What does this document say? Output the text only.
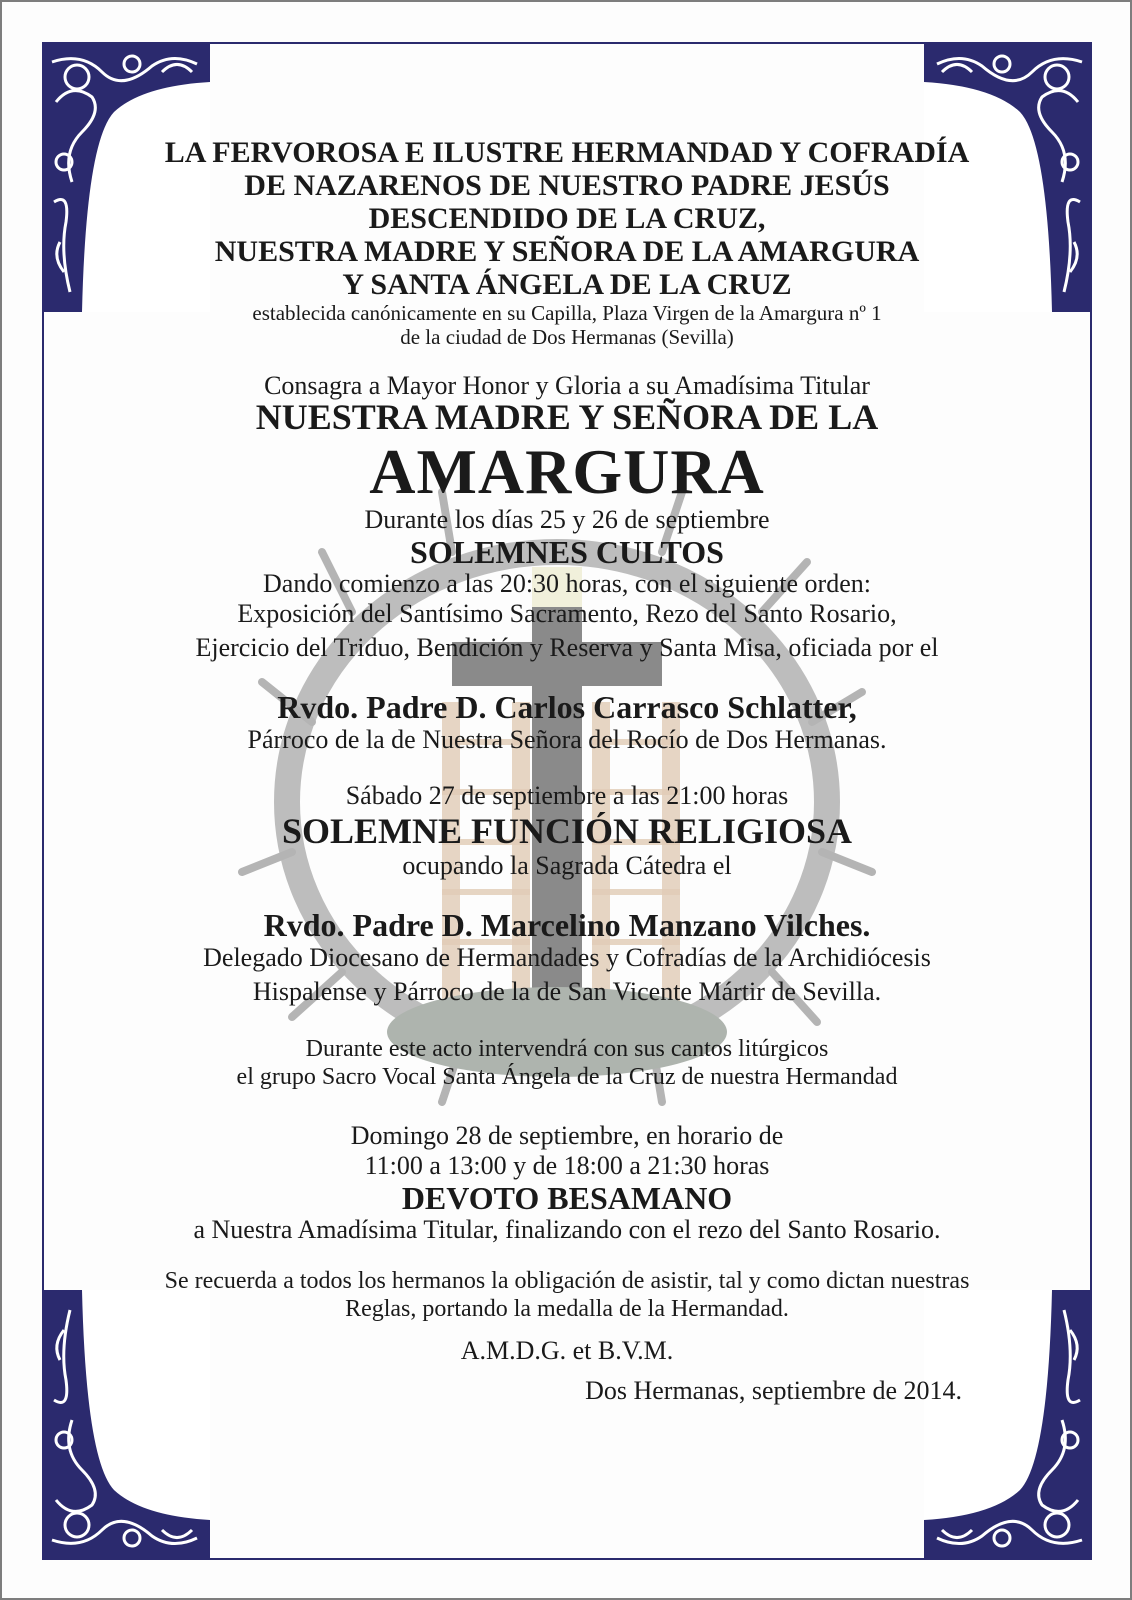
LA FERVOROSA E ILUSTRE HERMANDAD Y COFRADÍA
DE NAZARENOS DE NUESTRO PADRE JESÚS
DESCENDIDO DE LA CRUZ,
NUESTRA MADRE Y SEÑORA DE LA AMARGURA
Y SANTA ÁNGELA DE LA CRUZ
establecida canónicamente en su Capilla, Plaza Virgen de la Amargura nº 1
de la ciudad de Dos Hermanas (Sevilla)
Consagra a Mayor Honor y Gloria a su Amadísima Titular
NUESTRA MADRE Y SEÑORA DE LA
AMARGURA
Durante los días 25 y 26 de septiembre
SOLEMNES CULTOS
Dando comienzo a las 20:30 horas, con el siguiente orden:
Exposición del Santísimo Sacramento, Rezo del Santo Rosario,
Ejercicio del Triduo, Bendición y Reserva y Santa Misa, oficiada por el
Rvdo. Padre D. Carlos Carrasco Schlatter,
Párroco de la de Nuestra Señora del Rocío de Dos Hermanas.
Sábado 27 de septiembre a las 21:00 horas
SOLEMNE FUNCIÓN RELIGIOSA
ocupando la Sagrada Cátedra el
Rvdo. Padre D. Marcelino Manzano Vilches.
Delegado Diocesano de Hermandades y Cofradías de la Archidiócesis
Hispalense y Párroco de la de San Vicente Mártir de Sevilla.
Durante este acto intervendrá con sus cantos litúrgicos
el grupo Sacro Vocal Santa Ángela de la Cruz de nuestra Hermandad
Domingo 28 de septiembre, en horario de
11:00 a 13:00 y de 18:00 a 21:30 horas
DEVOTO BESAMANO
a Nuestra Amadísima Titular, finalizando con el rezo del Santo Rosario.
Se recuerda a todos los hermanos la obligación de asistir, tal y como dictan nuestras
Reglas, portando la medalla de la Hermandad.
A.M.D.G. et B.V.M.
Dos Hermanas, septiembre de 2014.
